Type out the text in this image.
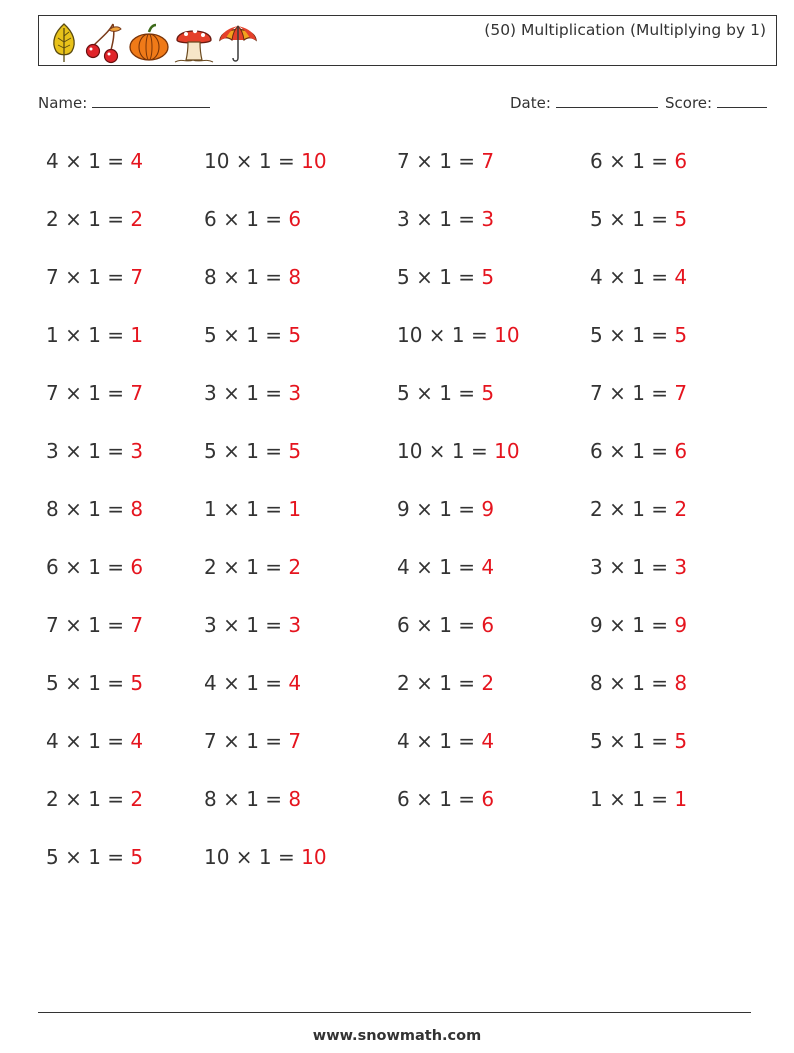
(50) Multiplication (Multiplying by 1)
Name:	Date:	Score:
4 × 1 = 4	10 × 1 = 10	7 × 1 = 7	6 × 1 = 6
2 × 1 = 2	6 × 1 = 6	3 × 1 = 3	5 × 1 = 5
7 × 1 = 7	8 × 1 = 8	5 × 1 = 5	4 × 1 = 4
1 × 1 = 1	5 × 1 = 5	10 × 1 = 10	5 × 1 = 5
7 × 1 = 7	3 × 1 = 3	5 × 1 = 5	7 × 1 = 7
3 × 1 = 3	5 × 1 = 5	10 × 1 = 10	6 × 1 = 6
8 × 1 = 8	1 × 1 = 1	9 × 1 = 9	2 × 1 = 2
6 × 1 = 6	2 × 1 = 2	4 × 1 = 4	3 × 1 = 3
7 × 1 = 7	3 × 1 = 3	6 × 1 = 6	9 × 1 = 9
5 × 1 = 5	4 × 1 = 4	2 × 1 = 2	8 × 1 = 8
4 × 1 = 4	7 × 1 = 7	4 × 1 = 4	5 × 1 = 5
2 × 1 = 2	8 × 1 = 8	6 × 1 = 6	1 × 1 = 1
5 × 1 = 5	10 × 1 = 10
www.snowmath.com
